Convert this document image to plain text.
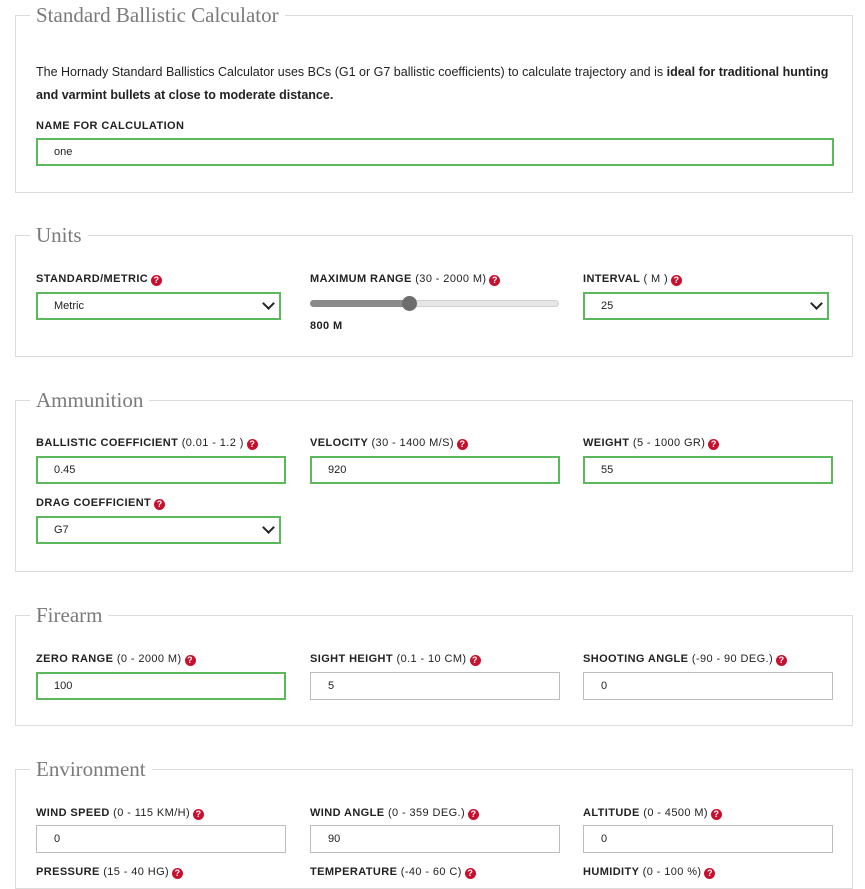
Standard Ballistic Calculator
The Hornady Standard Ballistics Calculator uses BCs (G1 or G7 ballistic coefficients) to calculate trajectory and is ideal for traditional hunting and varmint bullets at close to moderate distance.
NAME FOR CALCULATION
one
Units
STANDARD/METRIC ?
Metric
MAXIMUM RANGE (30 - 2000 M) ?
800 M
INTERVAL ( M ) ?
25
Ammunition
BALLISTIC COEFFICIENT (0.01 - 1.2 ) ?
0.45
VELOCITY (30 - 1400 M/S) ?
920
WEIGHT (5 - 1000 GR) ?
55
DRAG COEFFICIENT ?
G7
Firearm
ZERO RANGE (0 - 2000 M) ?
100
SIGHT HEIGHT (0.1 - 10 CM) ?
5
SHOOTING ANGLE (-90 - 90 DEG.) ?
0
Environment
WIND SPEED (0 - 115 KM/H) ?
0
WIND ANGLE (0 - 359 DEG.) ?
90
ALTITUDE (0 - 4500 M) ?
0
PRESSURE (15 - 40 HG) ?	TEMPERATURE (-40 - 60 C) ?	HUMIDITY (0 - 100 %) ?
